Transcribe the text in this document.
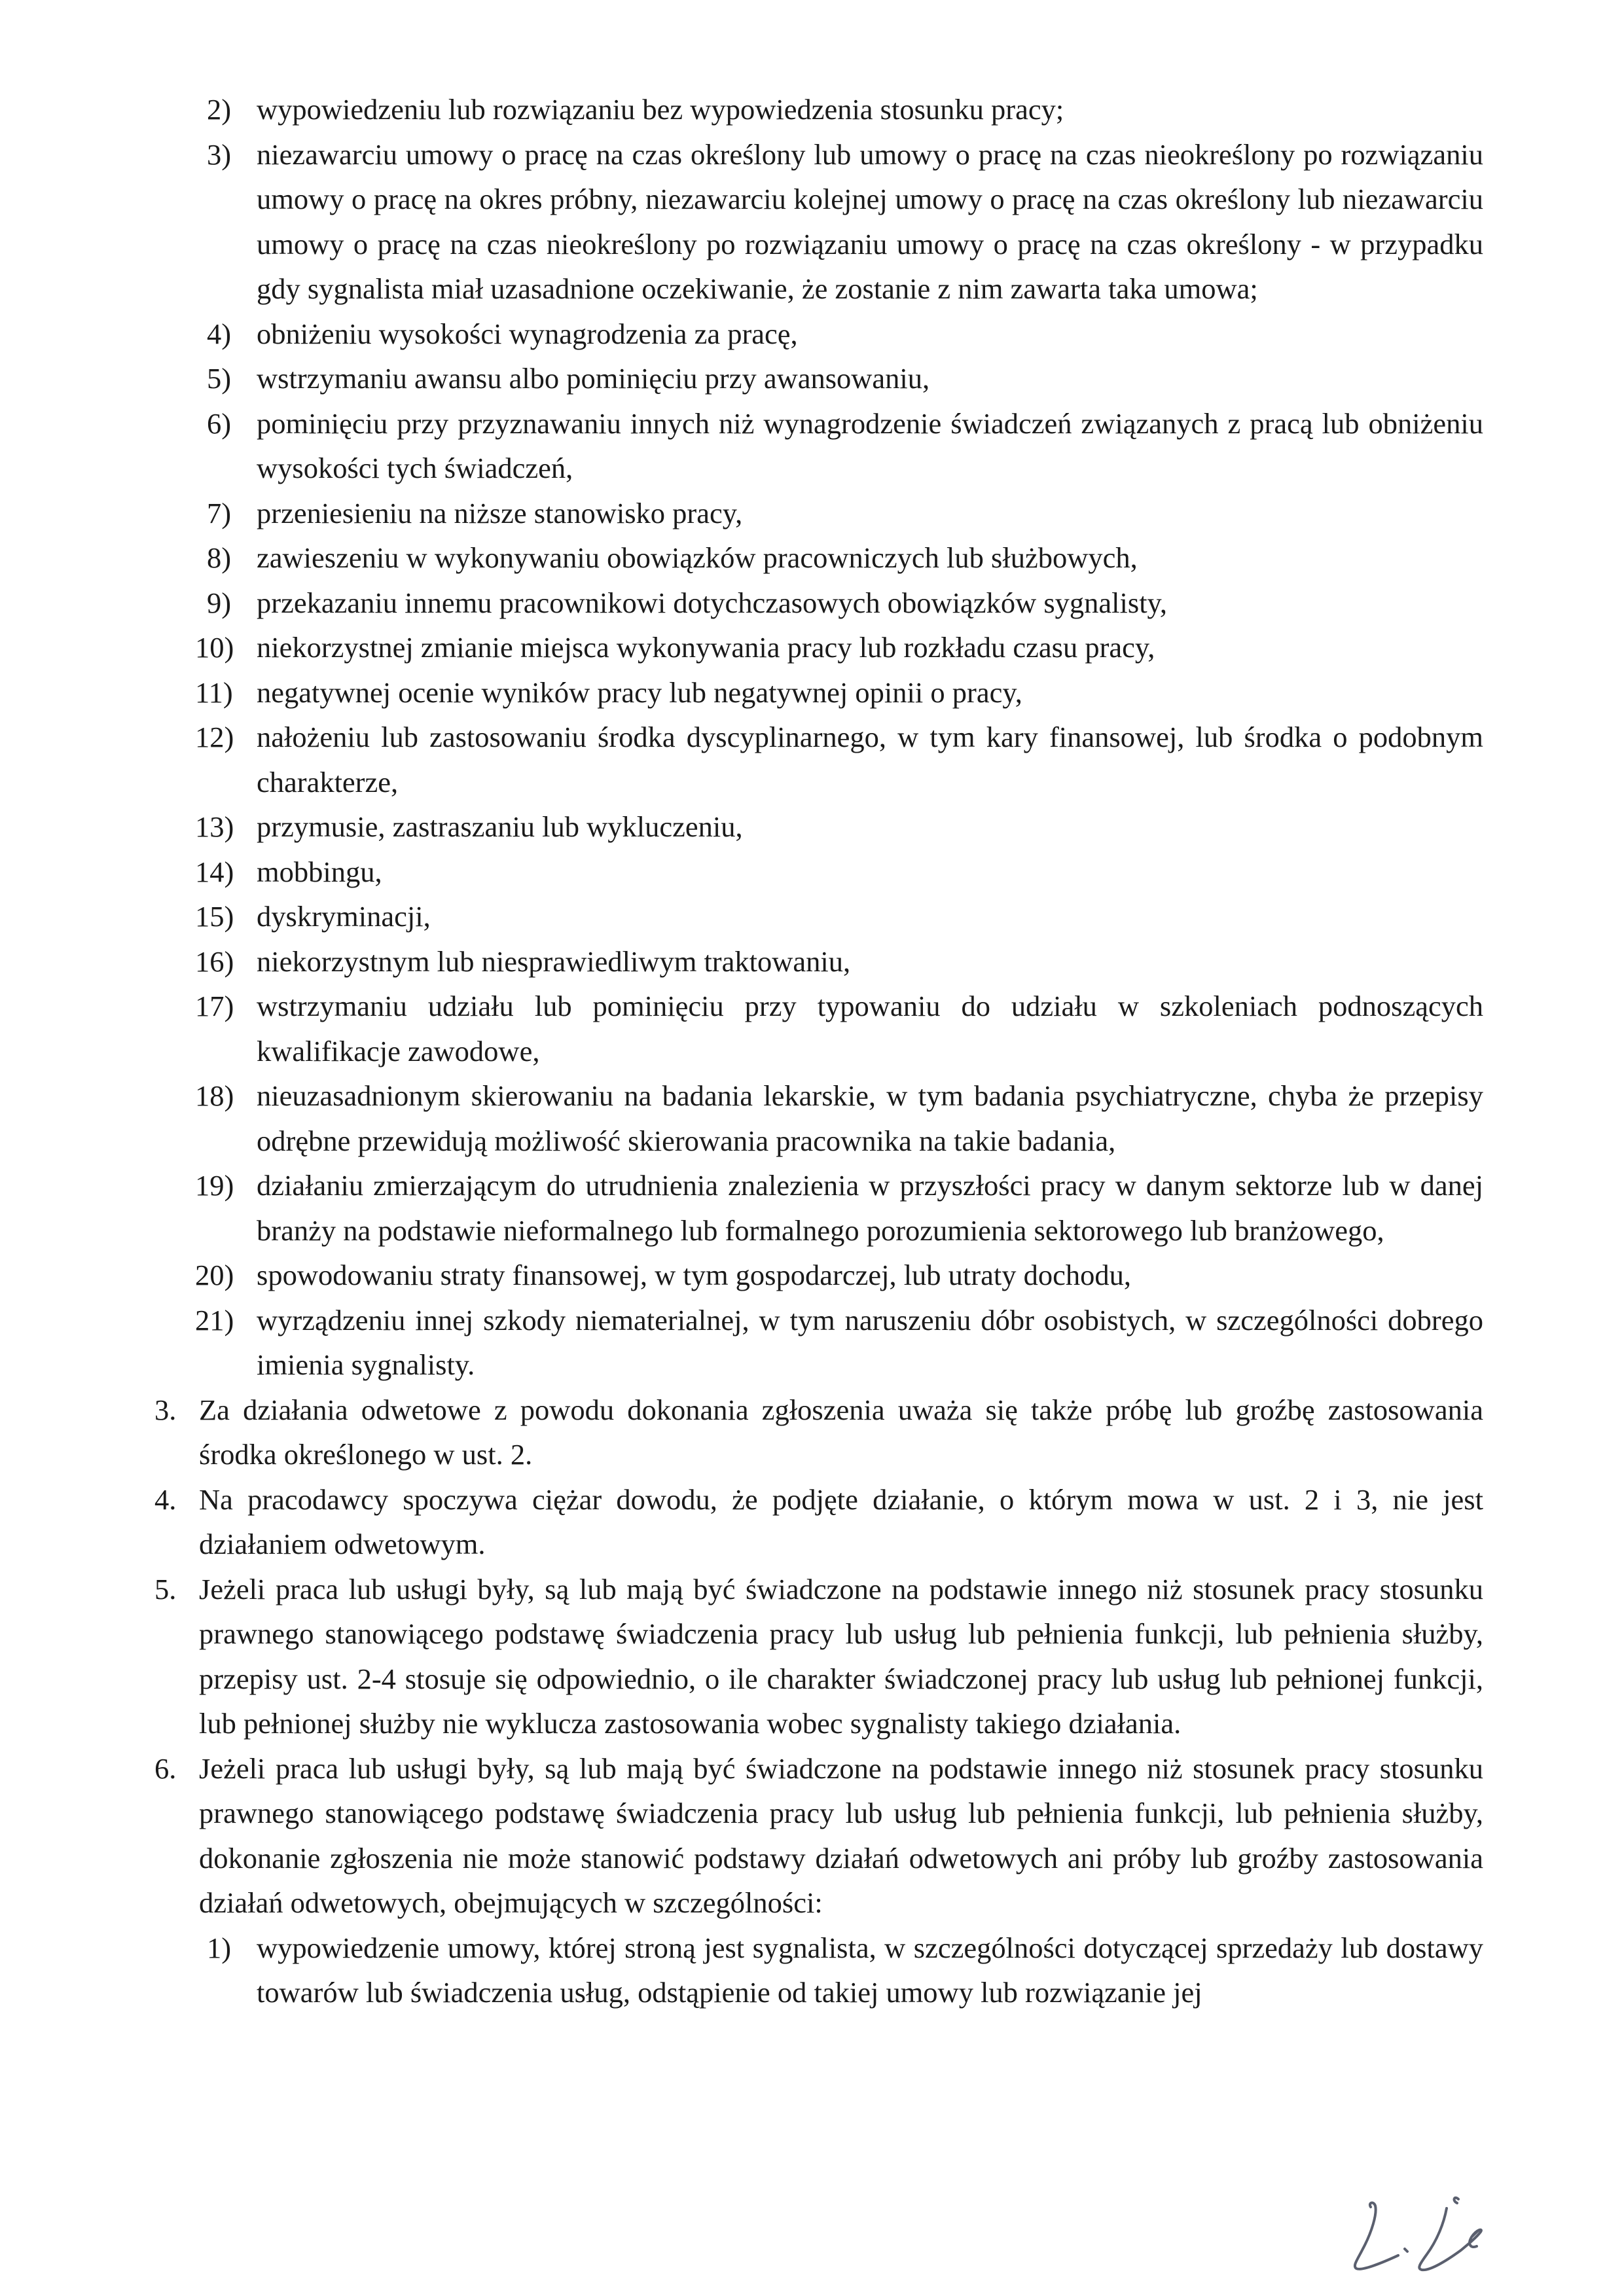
2) wypowiedzeniu lub rozwiązaniu bez wypowiedzenia stosunku pracy;
3) niezawarciu umowy o pracę na czas określony lub umowy o pracę na czas nieokreślony po rozwiązaniu umowy o pracę na okres próbny, niezawarciu kolejnej umowy o pracę na czas określony lub niezawarciu umowy o pracę na czas nieokreślony po rozwiązaniu umowy o pracę na czas określony - w przypadku gdy sygnalista miał uzasadnione oczekiwanie, że zostanie z nim zawarta taka umowa;
4) obniżeniu wysokości wynagrodzenia za pracę,
5) wstrzymaniu awansu albo pominięciu przy awansowaniu,
6) pominięciu przy przyznawaniu innych niż wynagrodzenie świadczeń związanych z pracą lub obniżeniu wysokości tych świadczeń,
7) przeniesieniu na niższe stanowisko pracy,
8) zawieszeniu w wykonywaniu obowiązków pracowniczych lub służbowych,
9) przekazaniu innemu pracownikowi dotychczasowych obowiązków sygnalisty,
10) niekorzystnej zmianie miejsca wykonywania pracy lub rozkładu czasu pracy,
11) negatywnej ocenie wyników pracy lub negatywnej opinii o pracy,
12) nałożeniu lub zastosowaniu środka dyscyplinarnego, w tym kary finansowej, lub środka o podobnym charakterze,
13) przymusie, zastraszaniu lub wykluczeniu,
14) mobbingu,
15) dyskryminacji,
16) niekorzystnym lub niesprawiedliwym traktowaniu,
17) wstrzymaniu udziału lub pominięciu przy typowaniu do udziału w szkoleniach podnoszących kwalifikacje zawodowe,
18) nieuzasadnionym skierowaniu na badania lekarskie, w tym badania psychiatryczne, chyba że przepisy odrębne przewidują możliwość skierowania pracownika na takie badania,
19) działaniu zmierzającym do utrudnienia znalezienia w przyszłości pracy w danym sektorze lub w danej branży na podstawie nieformalnego lub formalnego porozumienia sektorowego lub branżowego,
20) spowodowaniu straty finansowej, w tym gospodarczej, lub utraty dochodu,
21) wyrządzeniu innej szkody niematerialnej, w tym naruszeniu dóbr osobistych, w szczególności dobrego imienia sygnalisty.
3. Za działania odwetowe z powodu dokonania zgłoszenia uważa się także próbę lub groźbę zastosowania środka określonego w ust. 2.
4. Na pracodawcy spoczywa ciężar dowodu, że podjęte działanie, o którym mowa w ust. 2 i 3, nie jest działaniem odwetowym.
5. Jeżeli praca lub usługi były, są lub mają być świadczone na podstawie innego niż stosunek pracy stosunku prawnego stanowiącego podstawę świadczenia pracy lub usług lub pełnienia funkcji, lub pełnienia służby, przepisy ust. 2-4 stosuje się odpowiednio, o ile charakter świadczonej pracy lub usług lub pełnionej funkcji, lub pełnionej służby nie wyklucza zastosowania wobec sygnalisty takiego działania.
6. Jeżeli praca lub usługi były, są lub mają być świadczone na podstawie innego niż stosunek pracy stosunku prawnego stanowiącego podstawę świadczenia pracy lub usług lub pełnienia funkcji, lub pełnienia służby, dokonanie zgłoszenia nie może stanowić podstawy działań odwetowych ani próby lub groźby zastosowania działań odwetowych, obejmujących w szczególności:
1) wypowiedzenie umowy, której stroną jest sygnalista, w szczególności dotyczącej sprzedaży lub dostawy towarów lub świadczenia usług, odstąpienie od takiej umowy lub rozwiązanie jej
